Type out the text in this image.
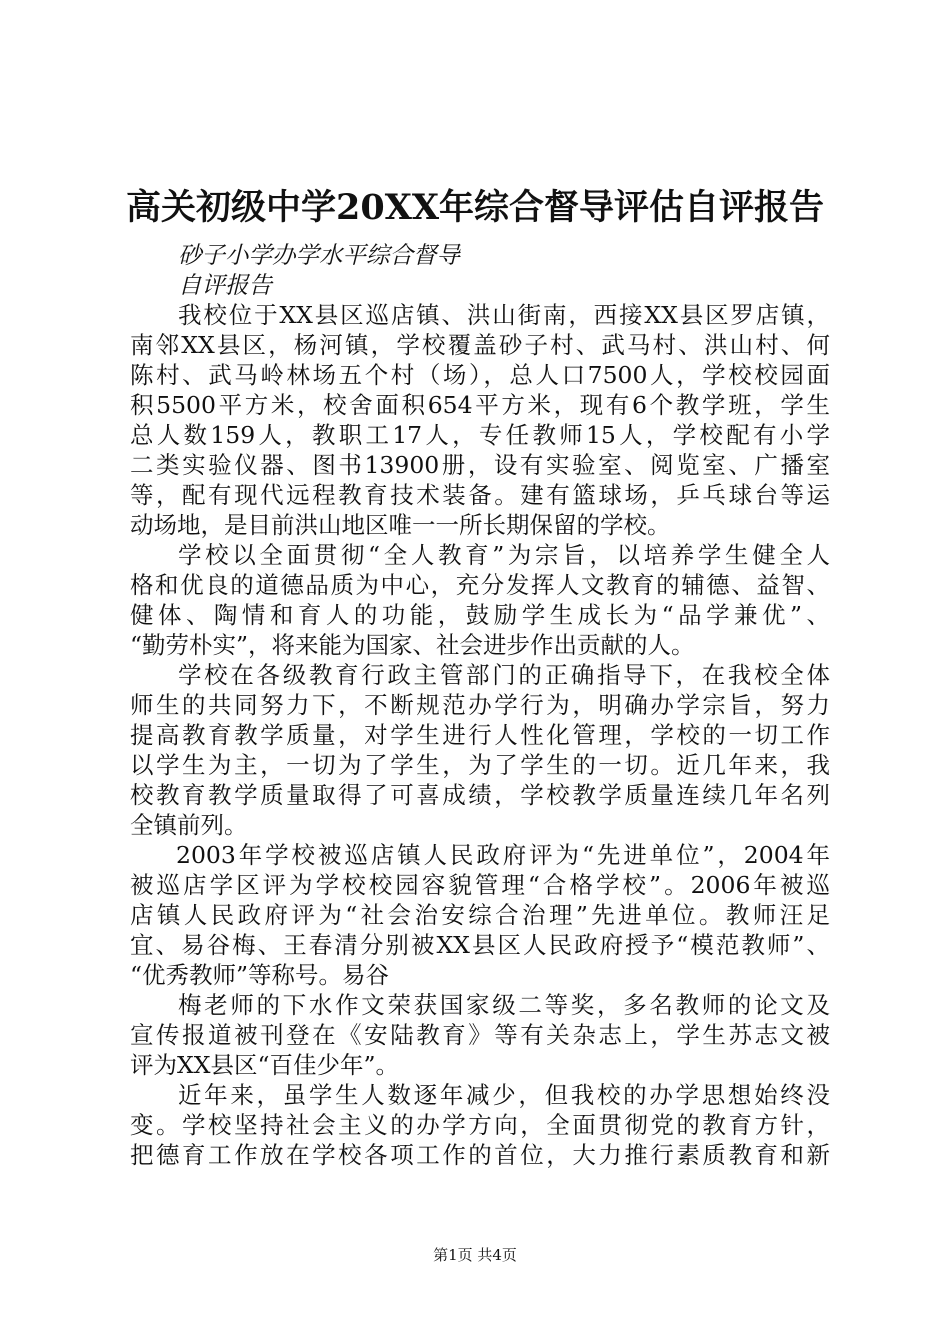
高关初级中学20XX年综合督导评估自评报告
砂子小学办学水平综合督导
自评报告
我校位于XX县区巡店镇、洪山街南，西接XX县区罗店镇，
南邻XX县区，杨河镇，学校覆盖砂子村、武马村、洪山村、何
陈村、武马岭林场五个村（场），总人口7500人，学校校园面
积5500平方米，校舍面积654平方米，现有6个教学班，学生
总人数159人，教职工17人，专任教师15人，学校配有小学
二类实验仪器、图书13900册，设有实验室、阅览室、广播室
等，配有现代远程教育技术装备。建有篮球场，乒乓球台等运
动场地，是目前洪山地区唯一一所长期保留的学校。
学校以全面贯彻“全人教育”为宗旨，以培养学生健全人
格和优良的道德品质为中心，充分发挥人文教育的辅德、益智、
健体、陶情和育人的功能，鼓励学生成长为“品学兼优”、
“勤劳朴实”，将来能为国家、社会进步作出贡献的人。
学校在各级教育行政主管部门的正确指导下，在我校全体
师生的共同努力下，不断规范办学行为，明确办学宗旨，努力
提高教育教学质量，对学生进行人性化管理，学校的一切工作
以学生为主，一切为了学生，为了学生的一切。近几年来，我
校教育教学质量取得了可喜成绩，学校教学质量连续几年名列
全镇前列。
2003年学校被巡店镇人民政府评为“先进单位”，2004年
被巡店学区评为学校校园容貌管理“合格学校”。2006年被巡
店镇人民政府评为“社会治安综合治理”先进单位。教师汪足
宜、易谷梅、王春清分别被XX县区人民政府授予“模范教师”、
“优秀教师”等称号。易谷
梅老师的下水作文荣获国家级二等奖，多名教师的论文及
宣传报道被刊登在《安陆教育》等有关杂志上，学生苏志文被
评为XX县区“百佳少年”。
近年来，虽学生人数逐年减少，但我校的办学思想始终没
变。学校坚持社会主义的办学方向，全面贯彻党的教育方针，
把德育工作放在学校各项工作的首位，大力推行素质教育和新
第1页 共4页
